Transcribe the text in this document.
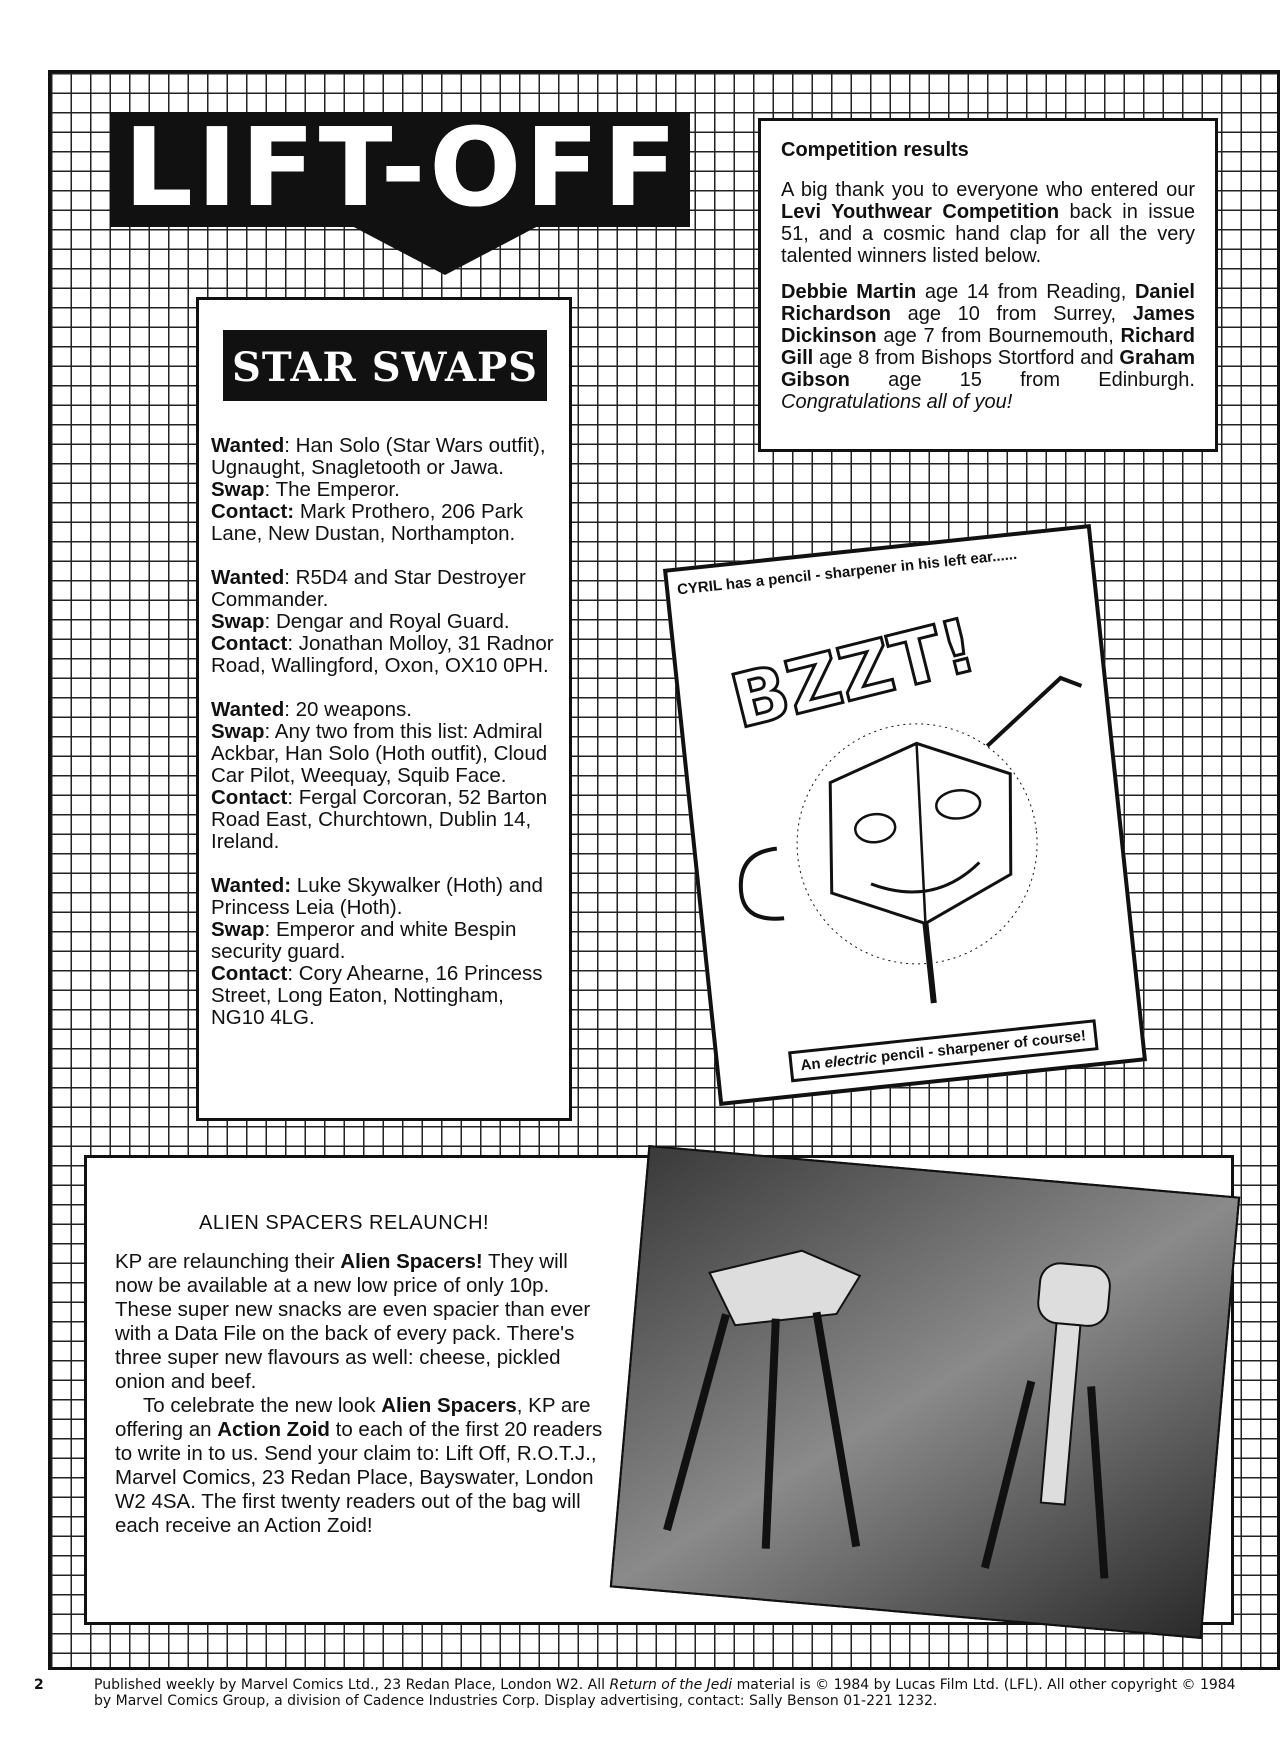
LIFT-OFF
STAR SWAPS
Wanted: Han Solo (Star Wars outfit), Ugnaught, Snagletooth or Jawa.
Swap: The Emperor.
Contact: Mark Prothero, 206 Park Lane, New Dustan, Northampton.
Wanted: R5D4 and Star Destroyer Commander.
Swap: Dengar and Royal Guard.
Contact: Jonathan Molloy, 31 Radnor Road, Wallingford, Oxon, OX10 0PH.
Wanted: 20 weapons.
Swap: Any two from this list: Admiral Ackbar, Han Solo (Hoth outfit), Cloud Car Pilot, Weequay, Squib Face.
Contact: Fergal Corcoran, 52 Barton Road East, Churchtown, Dublin 14, Ireland.
Wanted: Luke Skywalker (Hoth) and Princess Leia (Hoth).
Swap: Emperor and white Bespin security guard.
Contact: Cory Ahearne, 16 Princess Street, Long Eaton, Nottingham, NG10 4LG.
Competition results

A big thank you to everyone who entered our Levi Youthwear Competition back in issue 51, and a cosmic hand clap for all the very talented winners listed below.

Debbie Martin age 14 from Reading, Daniel Richardson age 10 from Surrey, James Dickinson age 7 from Bournemouth, Richard Gill age 8 from Bishops Stortford and Graham Gibson age 15 from Edinburgh. Congratulations all of you!

CYRIL has a pencil - sharpener in his left ear......
BZZT!
An electric pencil - sharpener of course!
ALIEN SPACERS RELAUNCH!

KP are relaunching their Alien Spacers! They will now be available at a new low price of only 10p. These super new snacks are even spacier than ever with a Data File on the back of every pack. There's three super new flavours as well: cheese, pickled onion and beef.

To celebrate the new look Alien Spacers, KP are offering an Action Zoid to each of the first 20 readers to write in to us. Send your claim to: Lift Off, R.O.T.J., Marvel Comics, 23 Redan Place, Bayswater, London W2 4SA. The first twenty readers out of the bag will each receive an Action Zoid!

2	Published weekly by Marvel Comics Ltd., 23 Redan Place, London W2. All Return of the Jedi material is © 1984 by Lucas Film Ltd. (LFL). All other copyright © 1984 by Marvel Comics Group, a division of Cadence Industries Corp. Display advertising, contact: Sally Benson 01-221 1232.
